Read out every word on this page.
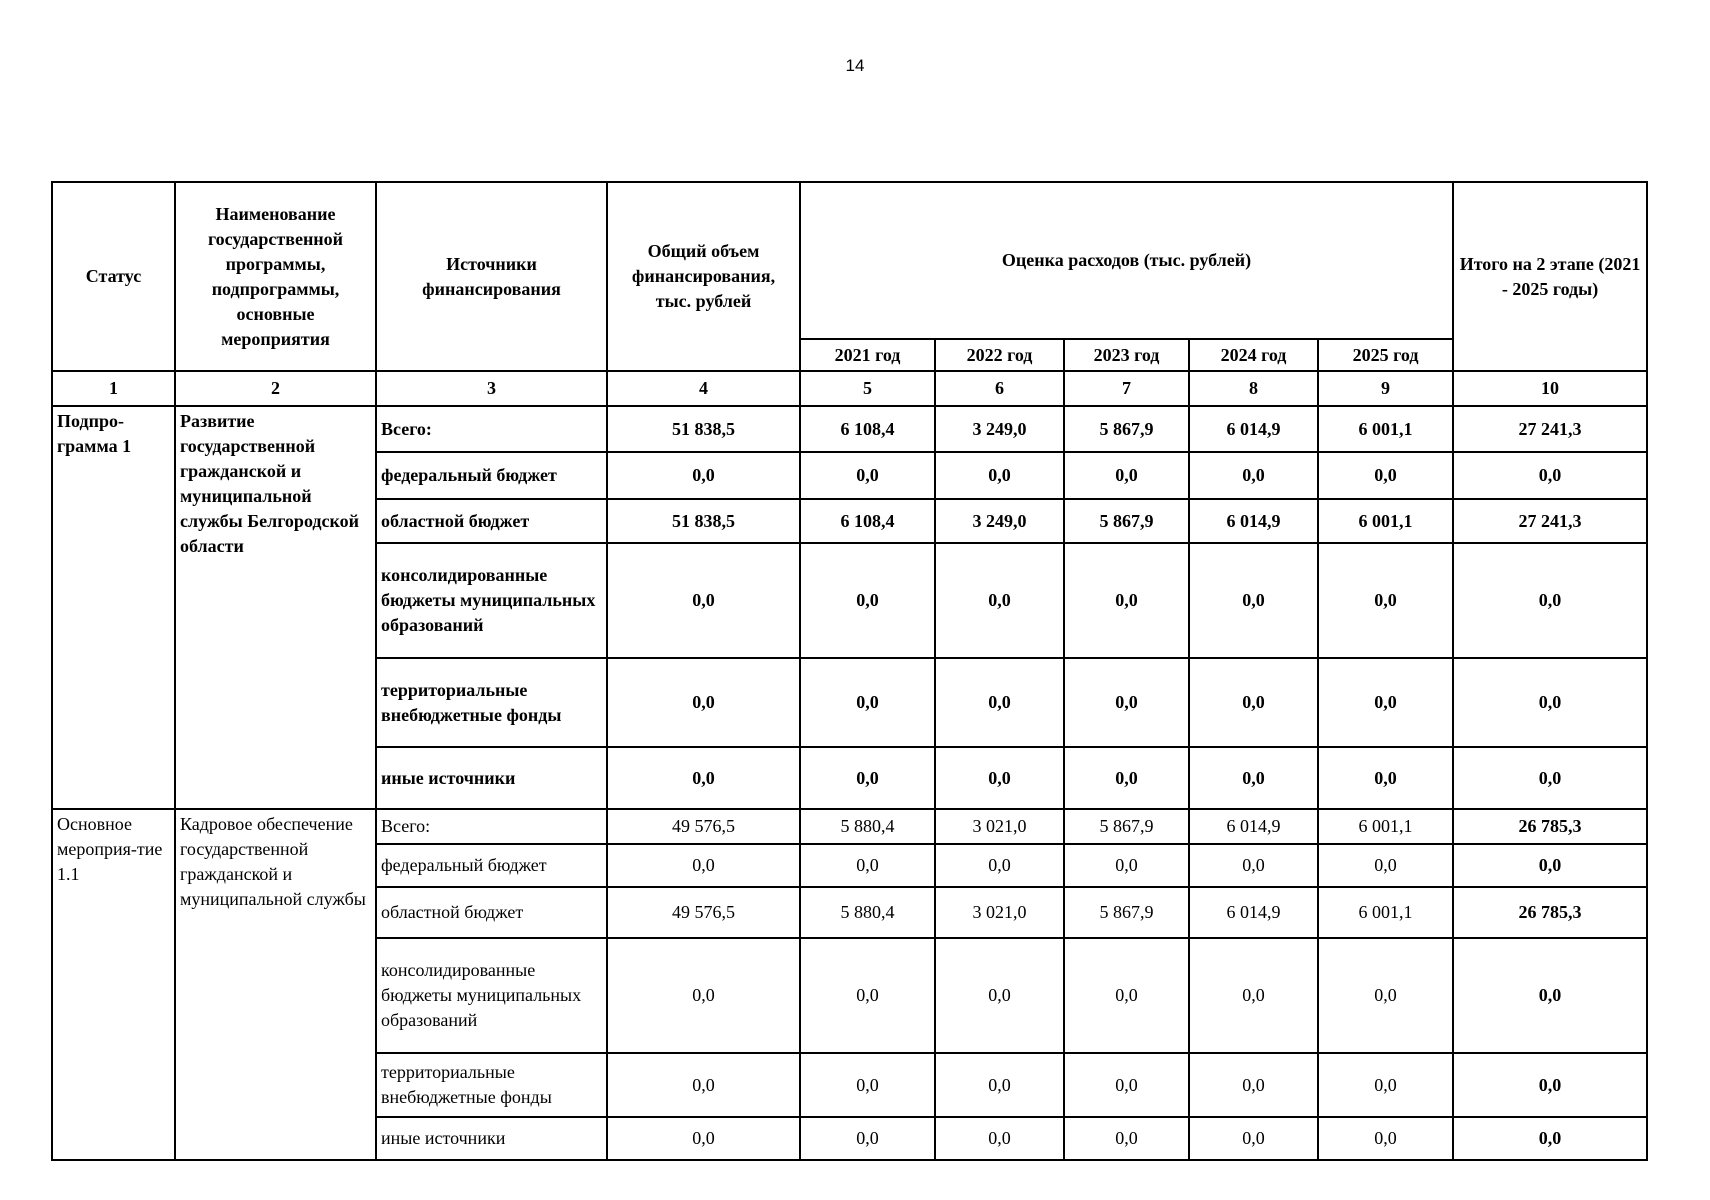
14
Статус	Наименование государственной программы, подпрограммы, основные мероприятия	Источники финансирования	Общий объем финансирования, тыс. рублей	Оценка расходов (тыс. рублей)					Итого на 2 этапе (2021 - 2025 годы)
				2021 год	2022 год	2023 год	2024 год	2025 год	
1	2	3	4	5	6	7	8	9	10
Подпро-грамма 1	Развитие государственной гражданской и муниципальной службы Белгородской области	Всего:	51 838,5	6 108,4	3 249,0	5 867,9	6 014,9	6 001,1	27 241,3
		федеральный бюджет	0,0	0,0	0,0	0,0	0,0	0,0	0,0
		областной бюджет	51 838,5	6 108,4	3 249,0	5 867,9	6 014,9	6 001,1	27 241,3
		консолидированные бюджеты муниципальных образований	0,0	0,0	0,0	0,0	0,0	0,0	0,0
		территориальные внебюджетные фонды	0,0	0,0	0,0	0,0	0,0	0,0	0,0
		иные источники	0,0	0,0	0,0	0,0	0,0	0,0	0,0
Основное мероприя-тие 1.1	Кадровое обеспечение государственной гражданской и муниципальной службы	Всего:	49 576,5	5 880,4	3 021,0	5 867,9	6 014,9	6 001,1	26 785,3
		федеральный бюджет	0,0	0,0	0,0	0,0	0,0	0,0	0,0
		областной бюджет	49 576,5	5 880,4	3 021,0	5 867,9	6 014,9	6 001,1	26 785,3
		консолидированные бюджеты муниципальных образований	0,0	0,0	0,0	0,0	0,0	0,0	0,0
		территориальные внебюджетные фонды	0,0	0,0	0,0	0,0	0,0	0,0	0,0
		иные источники	0,0	0,0	0,0	0,0	0,0	0,0	0,0
